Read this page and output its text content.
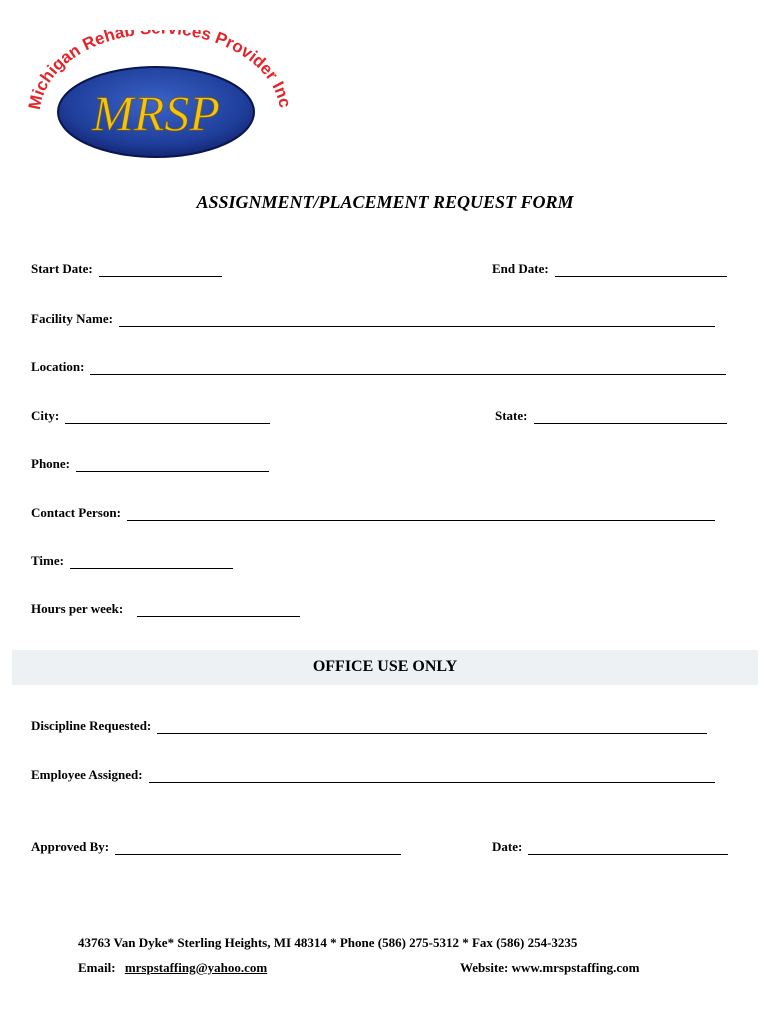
Michigan Rehab ces Provider In
MRSP
ASSIGNMENT/PLACEMENT REQUEST FORM
Start Date:	End Date:
Facility Name:
Location:
City:	State:
Phone:
Contact Person:
Time:
Hours per week:
OFFICE USE ONLY
Discipline Requested:
Employee Assigned:
Approved By:	Date:
43763 Van Dyke* Sterling Heights, MI 48314 * Phone (586) 275-5312 * Fax (586) 254-3235
Email: mrspstaffing@yahoo.com	Website: www.mrspstaffing.com
